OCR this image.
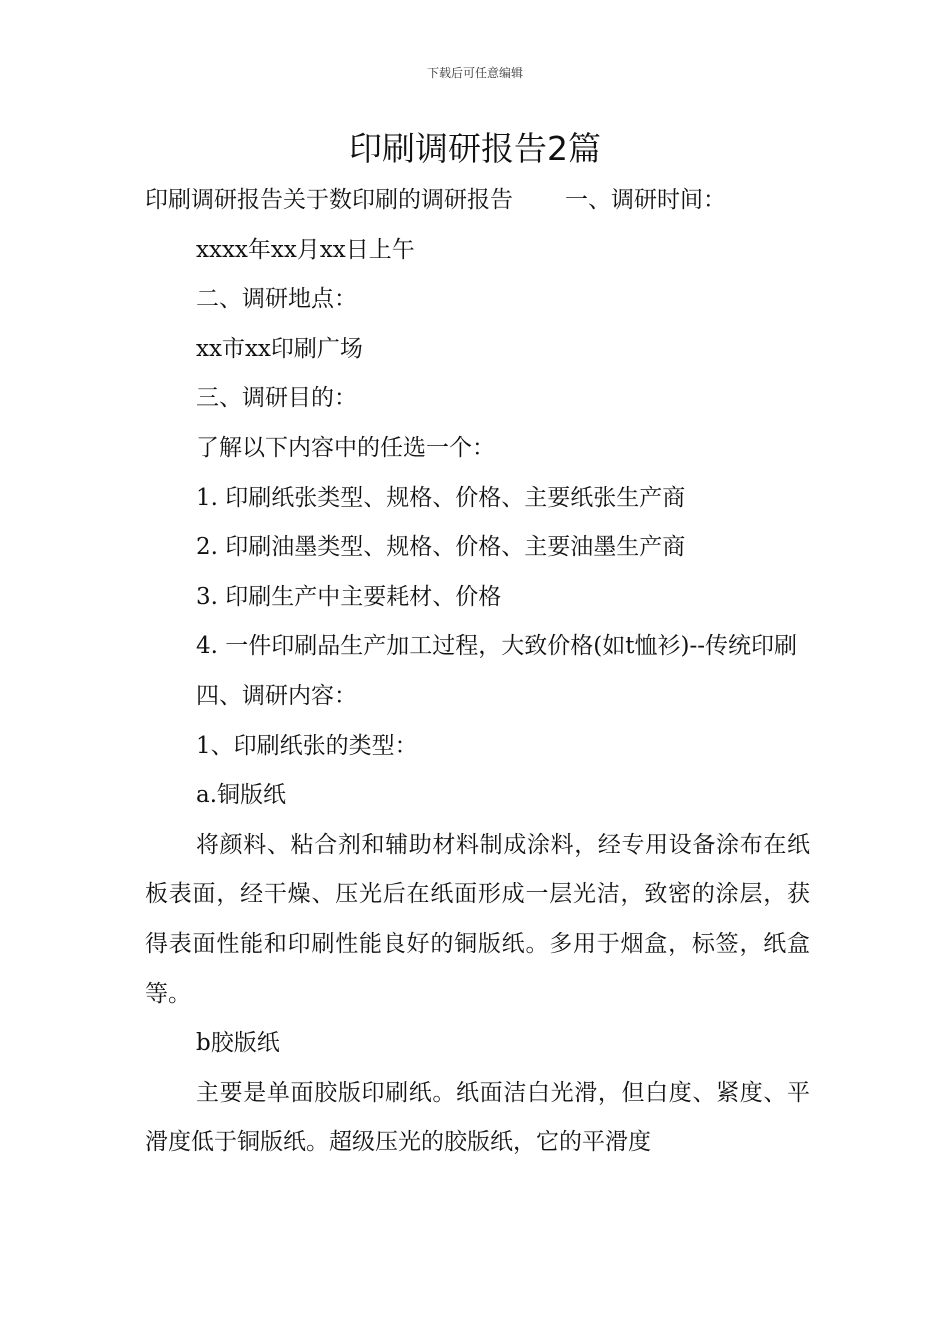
下载后可任意编辑
印刷调研报告2篇

印刷调研报告关于数印刷的调研报告 一、调研时间：

xxxx年xx月xx日上午

二、调研地点：

xx市xx印刷广场

三、调研目的：

了解以下内容中的任选一个：

1. 印刷纸张类型、规格、价格、主要纸张生产商

2. 印刷油墨类型、规格、价格、主要油墨生产商

3. 印刷生产中主要耗材、价格

4. 一件印刷品生产加工过程，大致价格(如t恤衫)--传统印刷

四、调研内容：

1、印刷纸张的类型：

a.铜版纸

将颜料、粘合剂和辅助材料制成涂料，经专用设备涂布在纸板表面，经干燥、压光后在纸面形成一层光洁，致密的涂层，获得表面性能和印刷性能良好的铜版纸。多用于烟盒，标签，纸盒等。

b胶版纸

主要是单面胶版印刷纸。纸面洁白光滑，但白度、紧度、平滑度低于铜版纸。超级压光的胶版纸，它的平滑度
